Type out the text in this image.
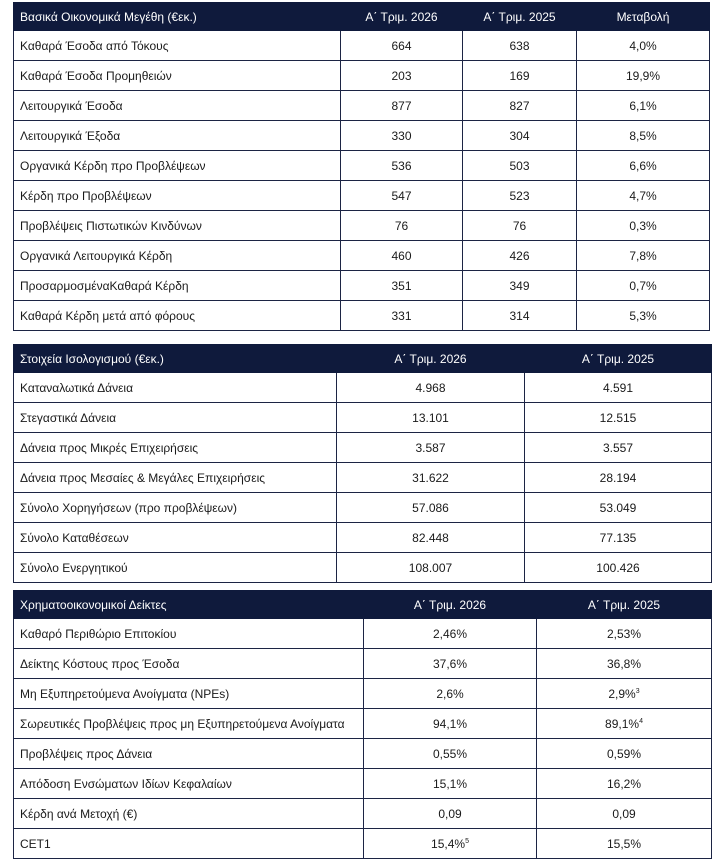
Βασικά Οικονομικά Μεγέθη (€εκ.)	Α΄ Τριμ. 2026	Α΄ Τριμ. 2025	Μεταβολή
Καθαρά Έσοδα από Τόκους	664	638	4,0%
Καθαρά Έσοδα Προμηθειών	203	169	19,9%
Λειτουργικά Έσοδα	877	827	6,1%
Λειτουργικά Έξοδα	330	304	8,5%
Οργανικά Κέρδη προ Προβλέψεων	536	503	6,6%
Κέρδη προ Προβλέψεων	547	523	4,7%
Προβλέψεις Πιστωτικών Κινδύνων	76	76	0,3%
Οργανικά Λειτουργικά Κέρδη	460	426	7,8%
ΠροσαρμοσμέναΚαθαρά Κέρδη	351	349	0,7%
Καθαρά Κέρδη μετά από φόρους	331	314	5,3%
Στοιχεία Ισολογισμού (€εκ.)	Α΄ Τριμ. 2026	Α΄ Τριμ. 2025
Καταναλωτικά Δάνεια	4.968	4.591
Στεγαστικά Δάνεια	13.101	12.515
Δάνεια προς Μικρές Επιχειρήσεις	3.587	3.557
Δάνεια προς Μεσαίες & Μεγάλες Επιχειρήσεις	31.622	28.194
Σύνολο Χορηγήσεων (προ προβλέψεων)	57.086	53.049
Σύνολο Καταθέσεων	82.448	77.135
Σύνολο Ενεργητικού	108.007	100.426
Χρηματοοικονομικοί Δείκτες	Α΄ Τριμ. 2026	Α΄ Τριμ. 2025
Καθαρό Περιθώριο Επιτοκίου	2,46%	2,53%
Δείκτης Κόστους προς Έσοδα	37,6%	36,8%
Μη Εξυπηρετούμενα Ανοίγματα (NPEs)	2,6%	2,9%$^3$
Σωρευτικές Προβλέψεις προς μη Εξυπηρετούμενα Ανοίγματα	94,1%	89,1%$^4$
Προβλέψεις προς Δάνεια	0,55%	0,59%
Απόδοση Ενσώματων Ιδίων Κεφαλαίων	15,1%	16,2%
Κέρδη ανά Μετοχή (€)	0,09	0,09
CET1	15,4%$^5$	15,5%
